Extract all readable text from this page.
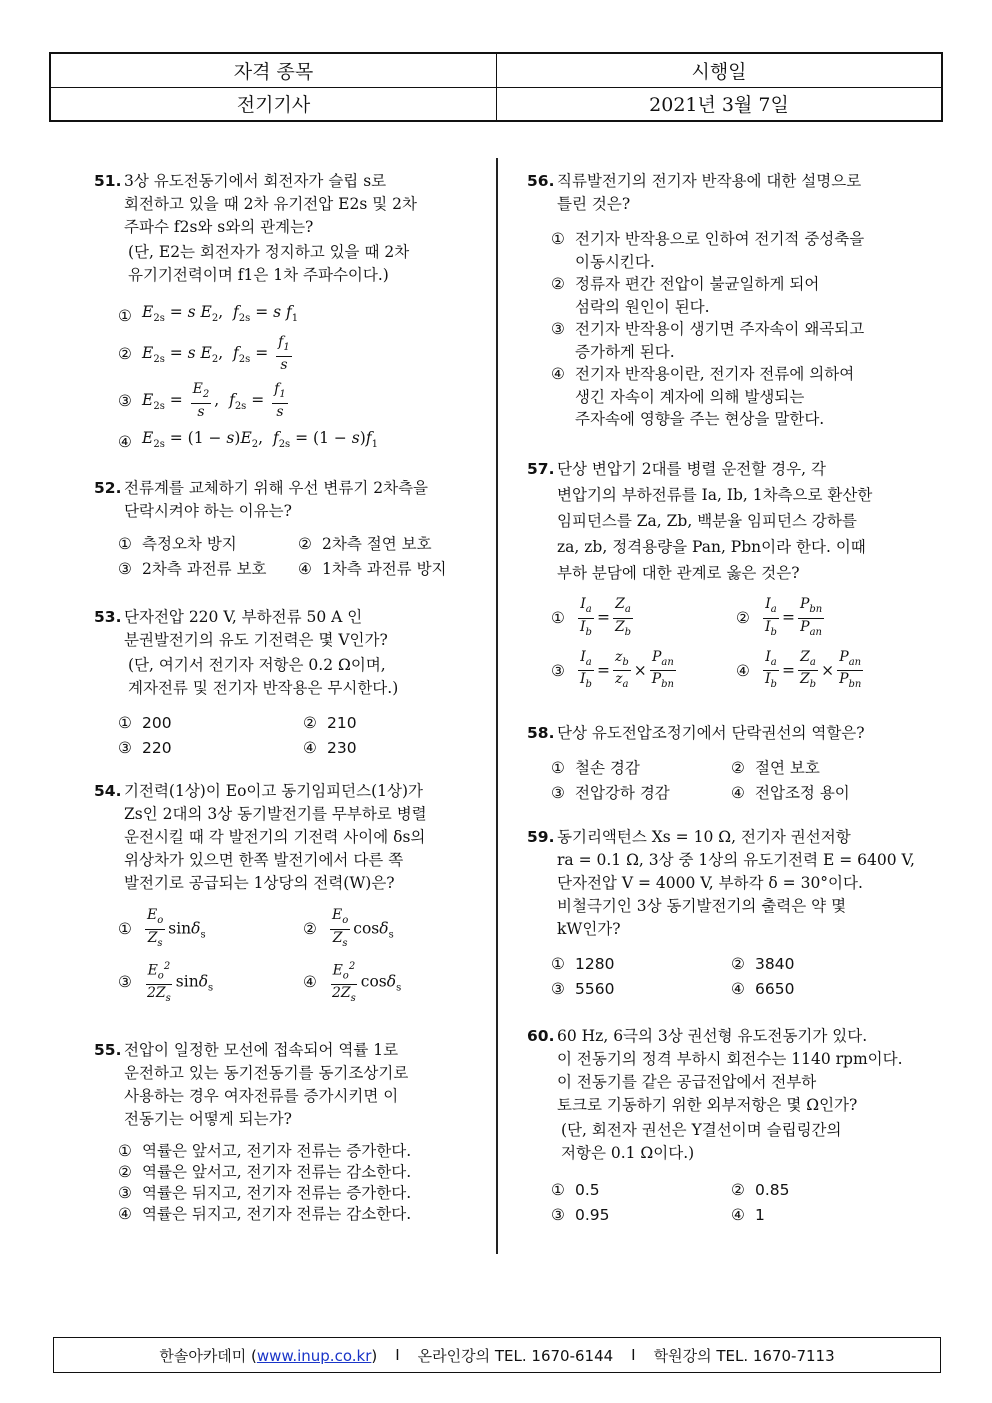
자격 종목	시행일
전기기사	2021년 3월 7일
51. 3상 유도전동기에서 회전자가 슬립 s로
회전하고 있을 때 2차 유기전압 E2s 및 2차
주파수 f2s와 s와의 관계는?
(단, E2는 회전자가 정지하고 있을 때 2차
유기기전력이며 f1은 1차 주파수이다.)
① $E_{2s} = s$ $E_2$,  $f_{2s} = s$ $f_1$
② $E_{2s} = s$ $E_2$,  $f_{2s} = \frac{f_1}{s}$
③ $E_{2s} = \frac{E_2}{s}$ ,  $f_{2s} = \frac{f_1}{s}$
④ $E_{2s} = (1 - s)E_2$,  $f_{2s} = (1 - s)f_1$
52. 전류계를 교체하기 위해 우선 변류기 2차측을
단락시켜야 하는 이유는?
① 측정오차 방지	② 2차측 절연 보호
③ 2차측 과전류 보호 ④ 1차측 과전류 방지
53. 단자전압 220 V, 부하전류 50 A 인
분권발전기의 유도 기전력은 몇 V인가?
(단, 여기서 전기자 저항은 0.2 Ω이며,
계자전류 및 전기자 반작용은 무시한다.)
① 200	② 210
③ 220	④ 230
54. 기전력(1상)이 Eo이고 동기임피던스(1상)가
Zs인 2대의 3상 동기발전기를 무부하로 병렬
운전시킬 때 각 발전기의 기전력 사이에 δs의
위상차가 있으면 한쪽 발전기에서 다른 쪽
발전기로 공급되는 1상당의 전력(W)은?
① $\frac{E_o}{Z_s} \sin\delta_s$	② $\frac{E_o}{Z_s} \cos\delta_s$
③ $\frac{E_o^2}{2Z_s} \sin\delta_s$	④ $\frac{E_o^2}{2Z_s} \cos\delta_s$
55. 전압이 일정한 모선에 접속되어 역률 1로
운전하고 있는 동기전동기를 동기조상기로
사용하는 경우 여자전류를 증가시키면 이
전동기는 어떻게 되는가?
① 역률은 앞서고, 전기자 전류는 증가한다.
② 역률은 앞서고, 전기자 전류는 감소한다.
③ 역률은 뒤지고, 전기자 전류는 증가한다.
④ 역률은 뒤지고, 전기자 전류는 감소한다.
56. 직류발전기의 전기자 반작용에 대한 설명으로
틀린 것은?
① 전기자 반작용으로 인하여 전기적 중성축을
이동시킨다.
② 정류자 편간 전압이 불균일하게 되어
섬락의 원인이 된다.
③ 전기자 반작용이 생기면 주자속이 왜곡되고
증가하게 된다.
④ 전기자 반작용이란, 전기자 전류에 의하여
생긴 자속이 계자에 의해 발생되는
주자속에 영향을 주는 현상을 말한다.
57. 단상 변압기 2대를 병렬 운전할 경우, 각
변압기의 부하전류를 Ia, Ib, 1차측으로 환산한
임피던스를 Za, Zb, 백분율 임피던스 강하를
za, zb, 정격용량을 Pan, Pbn이라 한다. 이때
부하 분담에 대한 관계로 옳은 것은?
① $\frac{I_a}{I_b} = \frac{Z_a}{Z_b}$	② $\frac{I_a}{I_b} = \frac{P_{bn}}{P_{an}}$
③ $\frac{I_a}{I_b} = \frac{z_b}{z_a} \times \frac{P_{an}}{P_{bn}}$	④ $\frac{I_a}{I_b} = \frac{Z_a}{Z_b} \times \frac{P_{an}}{P_{bn}}$
58. 단상 유도전압조정기에서 단락권선의 역할은?
① 철손 경감	② 절연 보호
③ 전압강하 경감	④ 전압조정 용이
59. 동기리액턴스 Xs = 10 Ω, 전기자 권선저항
ra = 0.1 Ω, 3상 중 1상의 유도기전력 E = 6400 V,
단자전압 V = 4000 V, 부하각 δ = 30°이다.
비철극기인 3상 동기발전기의 출력은 약 몇
kW인가?
① 1280	② 3840
③ 5560	④ 6650
60. 60 Hz, 6극의 3상 권선형 유도전동기가 있다.
이 전동기의 정격 부하시 회전수는 1140 rpm이다.
이 전동기를 같은 공급전압에서 전부하
토크로 기동하기 위한 외부저항은 몇 Ω인가?
(단, 회전자 권선은 Y결선이며 슬립링간의
저항은 0.1 Ω이다.)
① 0.5	② 0.85
③ 0.95	④ 1
한솔아카데미 (www.inup.co.kr) I 온라인강의 TEL. 1670-6144 I 학원강의 TEL. 1670-7113
